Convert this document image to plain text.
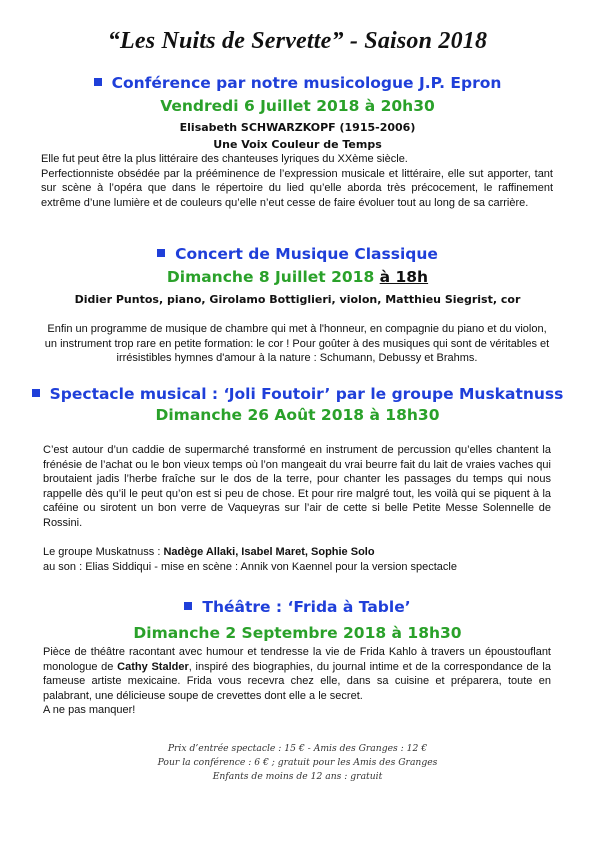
“Les Nuits de Servette” - Saison 2018
Conférence par notre musicologue J.P. Epron
Vendredi 6 Juillet 2018 à 20h30
Elisabeth SCHWARZKOPF (1915-2006)
Une Voix Couleur de Temps

Elle fut peut être la plus littéraire des chanteuses lyriques du XXème siècle.

Perfectionniste obsédée par la prééminence de l’expression musicale et littéraire, elle sut apporter, tant sur scène à l’opéra que dans le répertoire du lied qu’elle aborda très précocement, le raffinement extrême d’une lumière et de couleurs qu’elle n’eut cesse de faire évoluer tout au long de sa carrière.

Concert de Musique Classique
Dimanche 8 Juillet 2018 à 18h
Didier Puntos, piano, Girolamo Bottiglieri, violon, Matthieu Siegrist, cor
Enfin un programme de musique de chambre qui met à l'honneur, en compagnie du piano et du violon, un instrument trop rare en petite formation: le cor ! Pour goûter à des musiques qui sont de véritables et irrésistibles hymnes d'amour à la nature : Schumann, Debussy et Brahms.
Spectacle musical : ‘Joli Foutoir’ par le groupe Muskatnuss
Dimanche 26 Août 2018 à 18h30
C’est autour d’un caddie de supermarché transformé en instrument de percussion qu’elles chantent la frénésie de l’achat ou le bon vieux temps où l’on mangeait du vrai beurre fait du lait de vraies vaches qui broutaient jadis l’herbe fraîche sur le dos de la terre, pour chanter les passages du temps qui nous rappelle dès qu’il le peut qu’on est si peu de chose. Et pour rire malgré tout, les voilà qui se piquent à la caféine ou sirotent un bon verre de Vaqueyras sur l’air de cette si belle Petite Messe Solennelle de Rossini.

Le groupe Muskatnuss : Nadège Allaki, Isabel Maret, Sophie Solo

au son : Elias Siddiqui - mise en scène : Annik von Kaennel pour la version spectacle

Théâtre : ‘Frida à Table’
Dimanche 2 Septembre 2018 à 18h30

Pièce de théâtre racontant avec humour et tendresse la vie de Frida Kahlo à travers un époustouflant monologue de Cathy Stalder, inspiré des biographies, du journal intime et de la correspondance de la fameuse artiste mexicaine. Frida vous recevra chez elle, dans sa cuisine et préparera, toute en palabrant, une délicieuse soupe de crevettes dont elle a le secret.

A ne pas manquer!

Prix d’entrée spectacle : 15 € - Amis des Granges : 12 €
Pour la conférence : 6 € ; gratuit pour les Amis des Granges
Enfants de moins de 12 ans : gratuit
